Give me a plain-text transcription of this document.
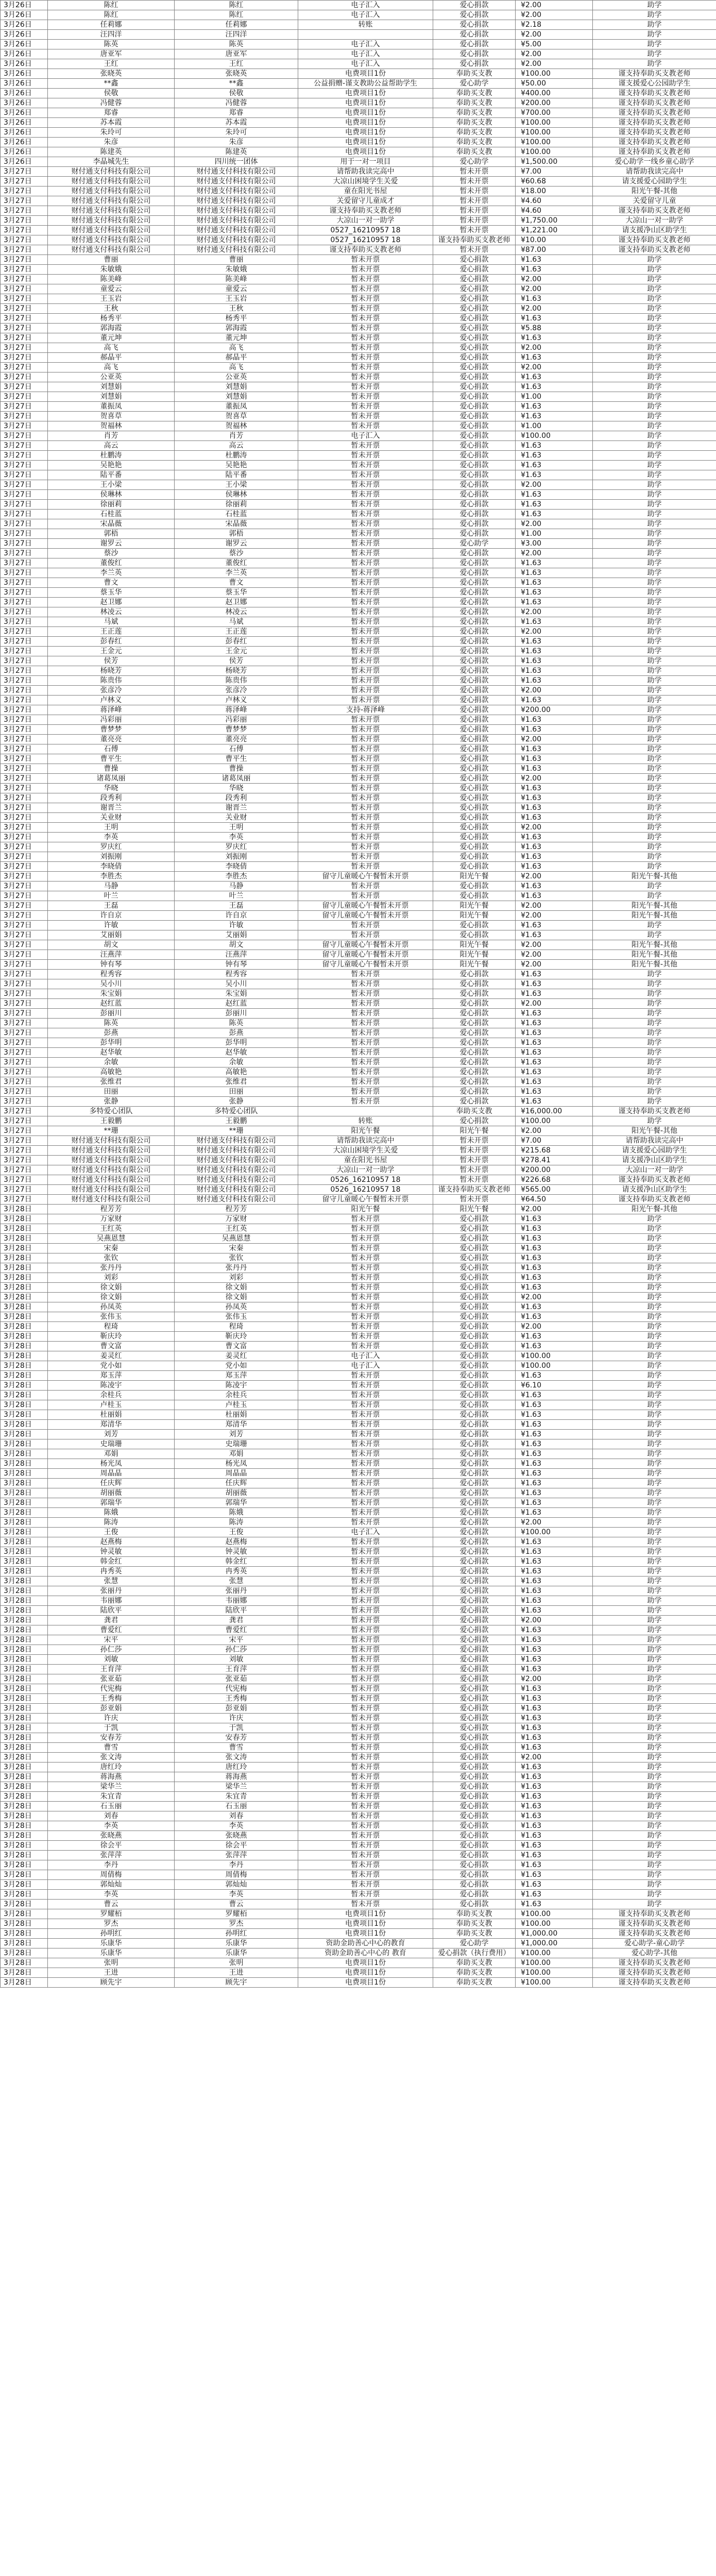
3月26日	陈红	陈红	电子汇入	爱心捐款	¥2.00	助学
3月26日	陈红	陈红	电子汇入	爱心捐款	¥2.00	助学
3月26日	任莉娜	任莉娜	转账	爱心捐款	¥2.18	助学
3月26日	汪四洋	汪四洋		爱心捐款	¥2.00	助学
3月26日	陈英	陈英	电子汇入	爱心捐款	¥5.00	助学
3月26日	唐亚军	唐亚军	电子汇入	爱心捐款	¥2.00	助学
3月26日	王红	王红	电子汇入	爱心捐款	¥2.00	助学
3月26日	张晓英	张晓英	电费项目1份	奉助买支教	¥100.00	谨支持奉助买支教老师
3月26日	**鑫	**鑫	公益捐赠-谨支教助公益帮助学生	爱心助学	¥50.00	谨支援爱心公园助学生
3月26日	侯敬	侯敬	电费项目1份	奉助买支教	¥400.00	谨支持奉助买支教老师
3月26日	冯健蓉	冯健蓉	电费项目1份	奉助买支教	¥200.00	谨支持奉助买支教老师
3月26日	郑睿	郑睿	电费项目1份	奉助买支教	¥700.00	谨支持奉助买支教老师
3月26日	苏本霞	苏本霞	电费项目1份	奉助买支教	¥100.00	谨支持奉助买支教老师
3月26日	朱玲可	朱玲可	电费项目1份	奉助买支教	¥100.00	谨支持奉助买支教老师
3月26日	朱彦	朱彦	电费项目1份	奉助买支教	¥100.00	谨支持奉助买支教老师
3月26日	陈建英	陈建英	电费项目1份	奉助买支教	¥100.00	谨支持奉助买支教老师
3月26日	李晶城先生	四川统一团体	用于一对一项目	爱心助学	¥1,500.00	爱心助学一线乡童心助学
3月27日	财付通支付科技有限公司	财付通支付科技有限公司	请帮助我读完高中	暂未开票	¥7.00	请帮助我读完高中
3月27日	财付通支付科技有限公司	财付通支付科技有限公司	大凉山困境学生关爱	暂未开票	¥60.68	请支援爱心园助学生
3月27日	财付通支付科技有限公司	财付通支付科技有限公司	童在阳光书屋	暂未开票	¥18.00	阳光午餐-其他
3月27日	财付通支付科技有限公司	财付通支付科技有限公司	关爱留守儿童成才	暂未开票	¥4.60	关爱留守儿童
3月27日	财付通支付科技有限公司	财付通支付科技有限公司	谨支持奉助买支教老师	暂未开票	¥4.60	谨支持奉助买支教老师
3月27日	财付通支付科技有限公司	财付通支付科技有限公司	大凉山一对一助学	暂未开票	¥1,750.00	大凉山一对一助学
3月27日	财付通支付科技有限公司	财付通支付科技有限公司	0527_16210957 18	暂未开票	¥1,221.00	请支援净山区助学生
3月27日	财付通支付科技有限公司	财付通支付科技有限公司	0527_16210957 18	谨支持奉助买支教老师	¥10.00	谨支持奉助买支教老师
3月27日	财付通支付科技有限公司	财付通支付科技有限公司	谨支持奉助买支教老师	暂未开票	¥87.00	谨支持奉助买支教老师
3月27日	曹丽	曹丽	暂未开票	爱心捐款	¥1.63	助学
3月27日	朱敏娥	朱敏娥	暂未开票	爱心捐款	¥1.63	助学
3月27日	陈美峰	陈美峰	暂未开票	爱心捐款	¥2.00	助学
3月27日	童爱云	童爱云	暂未开票	爱心捐款	¥2.00	助学
3月27日	王玉岩	王玉岩	暂未开票	爱心捐款	¥1.63	助学
3月27日	王秋	王秋	暂未开票	爱心捐款	¥2.00	助学
3月27日	杨秀平	杨秀平	暂未开票	爱心捐款	¥1.63	助学
3月27日	郭海霞	郭海霞	暂未开票	爱心捐款	¥5.88	助学
3月27日	董元坤	董元坤	暂未开票	爱心捐款	¥1.63	助学
3月27日	高飞	高飞	暂未开票	爱心捐款	¥2.00	助学
3月27日	郝晶平	郝晶平	暂未开票	爱心捐款	¥1.63	助学
3月27日	高飞	高飞	暂未开票	爱心捐款	¥2.00	助学
3月27日	公亚英	公亚英	暂未开票	爱心捐款	¥1.63	助学
3月27日	刘慧娟	刘慧娟	暂未开票	爱心捐款	¥1.63	助学
3月27日	刘慧娟	刘慧娟	暂未开票	爱心捐款	¥1.00	助学
3月27日	董振凤	董振凤	暂未开票	爱心捐款	¥1.63	助学
3月27日	贺喜草	贺喜草	暂未开票	爱心捐款	¥1.63	助学
3月27日	贺福林	贺福林	暂未开票	爱心捐款	¥1.00	助学
3月27日	肖芳	肖芳	电子汇入	爱心捐款	¥100.00	助学
3月27日	高云	高云	暂未开票	爱心捐款	¥1.63	助学
3月27日	杜鹏涛	杜鹏涛	暂未开票	爱心捐款	¥1.63	助学
3月27日	吴艳艳	吴艳艳	暂未开票	爱心捐款	¥1.63	助学
3月27日	陆平番	陆平番	暂未开票	爱心捐款	¥1.63	助学
3月27日	王小梁	王小梁	暂未开票	爱心捐款	¥2.00	助学
3月27日	侯琳林	侯琳林	暂未开票	爱心捐款	¥1.63	助学
3月27日	徐丽莉	徐丽莉	暂未开票	爱心捐款	¥1.63	助学
3月27日	石桂蓝	石桂蓝	暂未开票	爱心捐款	¥1.63	助学
3月27日	宋晶薇	宋晶薇	暂未开票	爱心捐款	¥2.00	助学
3月27日	郭梧	郭梧	暂未开票	爱心捐款	¥1.00	助学
3月27日	谢罗云	谢罗云	暂未开票	爱心助学	¥3.00	助学
3月27日	蔡沙	蔡沙	暂未开票	爱心捐款	¥2.00	助学
3月27日	董俊红	董俊红	暂未开票	爱心捐款	¥1.63	助学
3月27日	李兰英	李兰英	暂未开票	爱心捐款	¥1.63	助学
3月27日	曹文	曹文	暂未开票	爱心捐款	¥1.63	助学
3月27日	蔡玉华	蔡玉华	暂未开票	爱心捐款	¥1.63	助学
3月27日	赵卫娜	赵卫娜	暂未开票	爱心捐款	¥1.63	助学
3月27日	林凌云	林凌云	暂未开票	爱心捐款	¥2.00	助学
3月27日	马斌	马斌	暂未开票	爱心捐款	¥1.63	助学
3月27日	王正莲	王正莲	暂未开票	爱心捐款	¥2.00	助学
3月27日	彭春红	彭春红	暂未开票	爱心捐款	¥1.63	助学
3月27日	王金元	王金元	暂未开票	爱心捐款	¥1.63	助学
3月27日	侯芳	侯芳	暂未开票	爱心捐款	¥1.63	助学
3月27日	杨晓芳	杨晓芳	暂未开票	爱心捐款	¥1.63	助学
3月27日	陈贵伟	陈贵伟	暂未开票	爱心捐款	¥1.63	助学
3月27日	张彦冷	张彦冷	暂未开票	爱心捐款	¥2.00	助学
3月27日	卢林义	卢林义	暂未开票	爱心捐款	¥1.63	助学
3月27日	蒋泽峰	蒋泽峰	支持-蒋泽峰	爱心捐款	¥200.00	助学
3月27日	冯彩丽	冯彩丽	暂未开票	爱心捐款	¥1.63	助学
3月27日	曹梦梦	曹梦梦	暂未开票	爱心捐款	¥1.63	助学
3月27日	董亮亮	董亮亮	暂未开票	爱心捐款	¥2.00	助学
3月27日	石傅	石傅	暂未开票	爱心捐款	¥1.63	助学
3月27日	曹平生	曹平生	暂未开票	爱心捐款	¥1.63	助学
3月27日	曹操	曹操	暂未开票	爱心捐款	¥1.63	助学
3月27日	诸葛凤丽	诸葛凤丽	暂未开票	爱心捐款	¥2.00	助学
3月27日	华晓	华晓	暂未开票	爱心捐款	¥1.63	助学
3月27日	段秀利	段秀利	暂未开票	爱心捐款	¥1.63	助学
3月27日	谢晋兰	谢晋兰	暂未开票	爱心捐款	¥1.63	助学
3月27日	关业财	关业财	暂未开票	爱心捐款	¥1.63	助学
3月27日	王明	王明	暂未开票	爱心捐款	¥2.00	助学
3月27日	李英	李英	暂未开票	爱心捐款	¥1.63	助学
3月27日	罗庆红	罗庆红	暂未开票	爱心捐款	¥1.63	助学
3月27日	刘振刚	刘振刚	暂未开票	爱心捐款	¥1.63	助学
3月27日	李晓倩	李晓倩	暂未开票	爱心捐款	¥1.63	助学
3月27日	李胜杰	李胜杰	留守儿童暖心午餐暂未开票	阳光午餐	¥2.00	阳光午餐-其他
3月27日	马静	马静	暂未开票	爱心捐款	¥1.63	助学
3月27日	叶兰	叶兰	暂未开票	爱心捐款	¥1.63	助学
3月27日	王磊	王磊	留守儿童暖心午餐暂未开票	阳光午餐	¥2.00	阳光午餐-其他
3月27日	许自京	许自京	留守儿童暖心午餐暂未开票	阳光午餐	¥2.00	阳光午餐-其他
3月27日	许敏	许敏	暂未开票	爱心捐款	¥1.63	助学
3月27日	艾丽娟	艾丽娟	暂未开票	爱心捐款	¥1.63	助学
3月27日	胡文	胡文	留守儿童暖心午餐暂未开票	阳光午餐	¥2.00	阳光午餐-其他
3月27日	汪燕萍	汪燕萍	留守儿童暖心午餐暂未开票	阳光午餐	¥2.00	阳光午餐-其他
3月27日	钟有琴	钟有琴	留守儿童暖心午餐暂未开票	阳光午餐	¥2.00	阳光午餐-其他
3月27日	程秀容	程秀容	暂未开票	爱心捐款	¥1.63	助学
3月27日	吴小川	吴小川	暂未开票	爱心捐款	¥1.63	助学
3月27日	朱宝娟	朱宝娟	暂未开票	爱心捐款	¥1.63	助学
3月27日	赵红蓝	赵红蓝	暂未开票	爱心捐款	¥2.00	助学
3月27日	彭丽川	彭丽川	暂未开票	爱心捐款	¥1.63	助学
3月27日	陈英	陈英	暂未开票	爱心捐款	¥1.63	助学
3月27日	彭燕	彭燕	暂未开票	爱心捐款	¥1.63	助学
3月27日	彭华明	彭华明	暂未开票	爱心捐款	¥1.63	助学
3月27日	赵华敏	赵华敏	暂未开票	爱心捐款	¥1.63	助学
3月27日	余敏	余敏	暂未开票	爱心捐款	¥1.63	助学
3月27日	高敏艳	高敏艳	暂未开票	爱心捐款	¥1.63	助学
3月27日	张维君	张维君	暂未开票	爱心捐款	¥1.63	助学
3月27日	田丽	田丽	暂未开票	爱心捐款	¥1.63	助学
3月27日	张静	张静	暂未开票	爱心捐款	¥1.63	助学
3月27日	多特爱心团队	多特爱心团队		奉助买支教	¥16,000.00	谨支持奉助买支教老师
3月27日	王毅鹏	王毅鹏	转账	爱心捐款	¥100.00	助学
3月27日	**珊	**珊	阳光午餐	阳光午餐	¥2.00	阳光午餐-其他
3月27日	财付通支付科技有限公司	财付通支付科技有限公司	请帮助我读完高中	暂未开票	¥7.00	请帮助我读完高中
3月27日	财付通支付科技有限公司	财付通支付科技有限公司	大凉山困境学生关爱	暂未开票	¥215.68	请支援爱心园助学生
3月27日	财付通支付科技有限公司	财付通支付科技有限公司	童在阳光书屋	暂未开票	¥278.41	请支援净山区助学生
3月27日	财付通支付科技有限公司	财付通支付科技有限公司	大凉山一对一助学	暂未开票	¥200.00	大凉山一对一助学
3月27日	财付通支付科技有限公司	财付通支付科技有限公司	0526_16210957 18	暂未开票	¥226.68	谨支持奉助买支教老师
3月27日	财付通支付科技有限公司	财付通支付科技有限公司	0526_16210957 18	谨支持奉助买支教老师	¥565.00	请支援净山区助学生
3月27日	财付通支付科技有限公司	财付通支付科技有限公司	留守儿童暖心午餐暂未开票	暂未开票	¥64.50	谨支持奉助买支教老师
3月28日	程芳芳	程芳芳	阳光午餐	阳光午餐	¥2.00	阳光午餐-其他
3月28日	万家财	万家财	暂未开票	爱心捐款	¥1.63	助学
3月28日	王红英	王红英	暂未开票	爱心捐款	¥1.63	助学
3月28日	吴燕恩慧	吴燕恩慧	暂未开票	爱心捐款	¥1.63	助学
3月28日	宋秦	宋秦	暂未开票	爱心捐款	¥1.63	助学
3月28日	张钦	张钦	暂未开票	爱心捐款	¥1.63	助学
3月28日	张丹丹	张丹丹	暂未开票	爱心捐款	¥1.63	助学
3月28日	刘彩	刘彩	暂未开票	爱心捐款	¥1.63	助学
3月28日	徐文娟	徐文娟	暂未开票	爱心捐款	¥1.63	助学
3月28日	徐文娟	徐文娟	暂未开票	爱心捐款	¥2.00	助学
3月28日	孙凤英	孙凤英	暂未开票	爱心捐款	¥1.63	助学
3月28日	张伟玉	张伟玉	暂未开票	爱心捐款	¥1.63	助学
3月28日	程琦	程琦	暂未开票	爱心捐款	¥2.00	助学
3月28日	靳庆玲	靳庆玲	暂未开票	爱心捐款	¥1.63	助学
3月28日	曹文富	曹文富	暂未开票	爱心捐款	¥1.63	助学
3月28日	姜灵红	姜灵红	电子汇入	爱心捐款	¥100.00	助学
3月28日	党小如	党小如	电子汇入	爱心捐款	¥100.00	助学
3月28日	郑玉萍	郑玉萍	暂未开票	爱心捐款	¥1.63	助学
3月28日	陈凌宇	陈凌宇	暂未开票	爱心捐款	¥6.10	助学
3月28日	余桂兵	余桂兵	暂未开票	爱心捐款	¥1.63	助学
3月28日	卢桂玉	卢桂玉	暂未开票	爱心捐款	¥1.63	助学
3月28日	杜丽娟	杜丽娟	暂未开票	爱心捐款	¥1.63	助学
3月28日	郑清华	郑清华	暂未开票	爱心捐款	¥1.63	助学
3月28日	刘芳	刘芳	暂未开票	爱心捐款	¥1.63	助学
3月28日	史瑞珊	史瑞珊	暂未开票	爱心捐款	¥1.63	助学
3月28日	邓娟	邓娟	暂未开票	爱心捐款	¥1.63	助学
3月28日	杨光凤	杨光凤	暂未开票	爱心捐款	¥1.63	助学
3月28日	周晶晶	周晶晶	暂未开票	爱心捐款	¥1.63	助学
3月28日	任庆辉	任庆辉	暂未开票	爱心捐款	¥1.63	助学
3月28日	胡丽薇	胡丽薇	暂未开票	爱心捐款	¥1.63	助学
3月28日	郭瑞华	郭瑞华	暂未开票	爱心捐款	¥1.63	助学
3月28日	陈娥	陈娥	暂未开票	爱心捐款	¥1.63	助学
3月28日	陈涛	陈涛	暂未开票	爱心捐款	¥2.00	助学
3月28日	王俊	王俊	电子汇入	爱心捐款	¥100.00	助学
3月28日	赵燕梅	赵燕梅	暂未开票	爱心捐款	¥1.63	助学
3月28日	钟灵敏	钟灵敏	暂未开票	爱心捐款	¥1.63	助学
3月28日	韩金红	韩金红	暂未开票	爱心捐款	¥1.63	助学
3月28日	冉秀英	冉秀英	暂未开票	爱心捐款	¥1.63	助学
3月28日	张慧	张慧	暂未开票	爱心捐款	¥1.63	助学
3月28日	张丽丹	张丽丹	暂未开票	爱心捐款	¥1.63	助学
3月28日	韦丽娜	韦丽娜	暂未开票	爱心捐款	¥1.63	助学
3月28日	陆欣平	陆欣平	暂未开票	爱心捐款	¥1.63	助学
3月28日	龚君	龚君	暂未开票	爱心捐款	¥2.00	助学
3月28日	曹爱红	曹爱红	暂未开票	爱心捐款	¥1.63	助学
3月28日	宋平	宋平	暂未开票	爱心捐款	¥1.63	助学
3月28日	孙仁莎	孙仁莎	暂未开票	爱心捐款	¥1.63	助学
3月28日	刘敏	刘敏	暂未开票	爱心捐款	¥1.63	助学
3月28日	王育萍	王育萍	暂未开票	爱心捐款	¥1.63	助学
3月28日	张亚茹	张亚茹	暂未开票	爱心捐款	¥2.00	助学
3月28日	代宪梅	代宪梅	暂未开票	爱心捐款	¥1.63	助学
3月28日	王秀梅	王秀梅	暂未开票	爱心捐款	¥1.63	助学
3月28日	彭亚娟	彭亚娟	暂未开票	爱心捐款	¥1.63	助学
3月28日	许庆	许庆	暂未开票	爱心捐款	¥1.63	助学
3月28日	于凯	于凯	暂未开票	爱心捐款	¥1.63	助学
3月28日	安春芳	安春芳	暂未开票	爱心捐款	¥1.63	助学
3月28日	曹雪	曹雪	暂未开票	爱心捐款	¥1.63	助学
3月28日	张文涛	张文涛	暂未开票	爱心捐款	¥2.00	助学
3月28日	唐红玲	唐红玲	暂未开票	爱心捐款	¥1.63	助学
3月28日	蒋海燕	蒋海燕	暂未开票	爱心捐款	¥1.63	助学
3月28日	梁华兰	梁华兰	暂未开票	爱心捐款	¥1.63	助学
3月28日	朱宜青	朱宜青	暂未开票	爱心捐款	¥1.63	助学
3月28日	石玉丽	石玉丽	暂未开票	爱心捐款	¥1.63	助学
3月28日	刘春	刘春	暂未开票	爱心捐款	¥1.63	助学
3月28日	李英	李英	暂未开票	爱心捐款	¥1.63	助学
3月28日	张晓燕	张晓燕	暂未开票	爱心捐款	¥1.63	助学
3月28日	徐会平	徐会平	暂未开票	爱心捐款	¥1.63	助学
3月28日	张萍萍	张萍萍	暂未开票	爱心捐款	¥1.63	助学
3月28日	李丹	李丹	暂未开票	爱心捐款	¥1.63	助学
3月28日	周倩梅	周倩梅	暂未开票	爱心捐款	¥1.63	助学
3月28日	郭灿灿	郭灿灿	暂未开票	爱心捐款	¥1.63	助学
3月28日	李英	李英	暂未开票	爱心捐款	¥1.63	助学
3月28日	曹云	曹云	暂未开票	爱心捐款	¥1.63	助学
3月28日	罗耀栢	罗耀栢	电费项目1份	奉助买支教	¥100.00	谨支持奉助买支教老师
3月28日	罗杰	罗杰	电费项目1份	奉助买支教	¥100.00	谨支持奉助买支教老师
3月28日	孙明红	孙明红	电费项目1份	奉助买支教	¥1,000.00	谨支持奉助买支教老师
3月28日	乐康华	乐康华	资助金助善心中心的教育	爱心助学	¥1,000.00	爱心助学-童心助学
3月28日	乐康华	乐康华	资助金助善心中心的 教育	爱心捐款（执行费用）	¥100.00	爱心助学-其他
3月28日	张明	张明	电费项目1份	奉助买支教	¥100.00	谨支持奉助买支教老师
3月28日	王进	王进	电费项目1份	奉助买支教	¥100.00	谨支持奉助买支教老师
3月28日	顾先宇	顾先宇	电费项目1份	奉助买支教	¥100.00	谨支持奉助买支教老师
